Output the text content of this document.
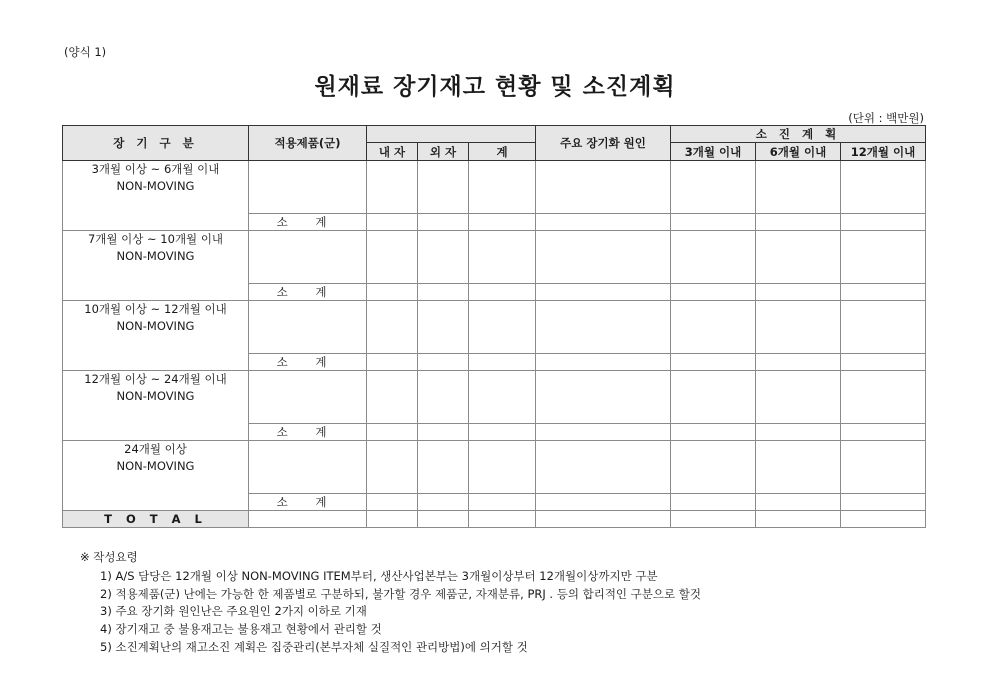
(양식 1)
원재료 장기재고 현황 및 소진계획
(단위 : 백만원)
장 기 구 분	적용제품(군)				주요 장기화 원인	소 진 계 획		
		내 자	외 자	계		3개월 이내	6개월 이내	12개월 이내

3개월 이상 ~ 6개월 이내
NON-MOVING								

	소 계							

7개월 이상 ~ 10개월 이내
NON-MOVING								

	소 계							

10개월 이상 ~ 12개월 이내
NON-MOVING								

	소 계							

12개월 이상 ~ 24개월 이내
NON-MOVING								

	소 계							

24개월 이상
NON-MOVING								

	소 계							
T O T A L								
※ 작성요령
1) A/S 담당은 12개월 이상 NON-MOVING ITEM부터, 생산사업본부는 3개월이상부터 12개월이상까지만 구분
2) 적용제품(군) 난에는 가능한 한 제품별로 구분하되, 불가할 경우 제품군, 자재분류, PRJ . 등의 합리적인 구분으로 할것
3) 주요 장기화 원인난은 주요원인 2가지 이하로 기재
4) 장기재고 중 불용재고는 불용재고 현황에서 관리할 것
5) 소진계획난의 재고소진 계획은 집중관리(본부자체 실질적인 관리방법)에 의거할 것
